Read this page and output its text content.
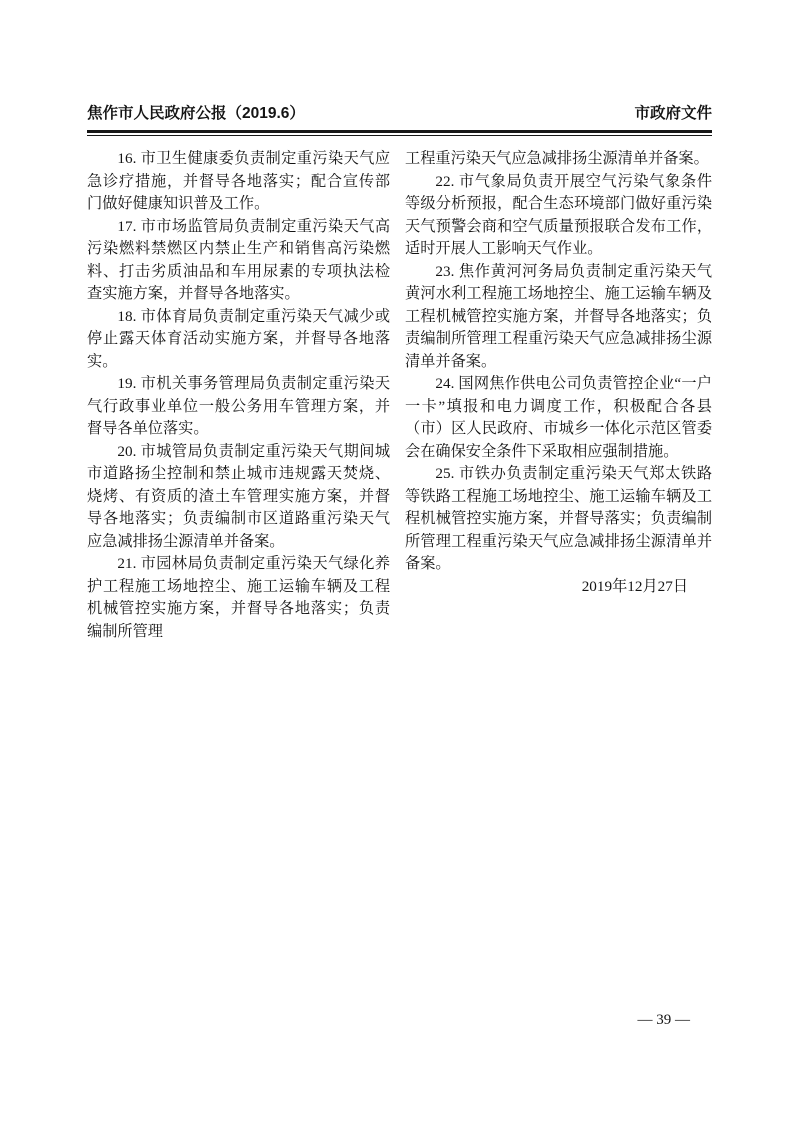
焦作市人民政府公报（2019.6）	市政府文件

16. 市卫生健康委负责制定重污染天气应急诊疗措施，并督导各地落实；配合宣传部门做好健康知识普及工作。

17. 市市场监管局负责制定重污染天气高污染燃料禁燃区内禁止生产和销售高污染燃料、打击劣质油品和车用尿素的专项执法检查实施方案，并督导各地落实。

18. 市体育局负责制定重污染天气减少或停止露天体育活动实施方案，并督导各地落实。

19. 市机关事务管理局负责制定重污染天气行政事业单位一般公务用车管理方案，并督导各单位落实。

20. 市城管局负责制定重污染天气期间城市道路扬尘控制和禁止城市违规露天焚烧、烧烤、有资质的渣土车管理实施方案，并督导各地落实；负责编制市区道路重污染天气应急减排扬尘源清单并备案。

21. 市园林局负责制定重污染天气绿化养护工程施工场地控尘、施工运输车辆及工程机械管控实施方案，并督导各地落实；负责编制所管理

工程重污染天气应急减排扬尘源清单并备案。

22. 市气象局负责开展空气污染气象条件等级分析预报，配合生态环境部门做好重污染天气预警会商和空气质量预报联合发布工作，适时开展人工影响天气作业。

23. 焦作黄河河务局负责制定重污染天气黄河水利工程施工场地控尘、施工运输车辆及工程机械管控实施方案，并督导各地落实；负责编制所管理工程重污染天气应急减排扬尘源清单并备案。

24. 国网焦作供电公司负责管控企业“一户一卡”填报和电力调度工作，积极配合各县（市）区人民政府、市城乡一体化示范区管委会在确保安全条件下采取相应强制措施。

25. 市铁办负责制定重污染天气郑太铁路等铁路工程施工场地控尘、施工运输车辆及工程机械管控实施方案，并督导落实；负责编制所管理工程重污染天气应急减排扬尘源清单并备案。

2019年12月27日

— 39 —
